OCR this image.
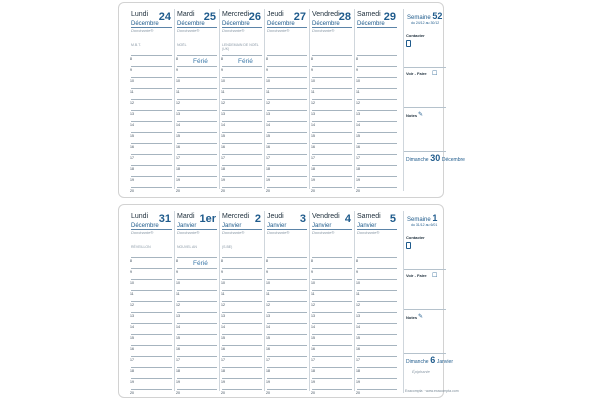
Lundi 24
Décembre
Dominante®
M.B.T.
8
9
10
11
12
13
14
15
16
17
18
19
20
Mardi 25
Décembre
Dominante®
NOËL
Férié
8
9
10
11
12
13
14
15
16
17
18
19
20
Mercredi 26
Décembre
Dominante®
LENDEMAIN DE NOËL (UK)
Férié
8
9
10
11
12
13
14
15
16
17
18
19
20
Jeudi 27
Décembre
Dominante®
8
9
10
11
12
13
14
15
16
17
18
19
20
Vendredi 28
Décembre
Dominante®
8
9
10
11
12
13
14
15
16
17
18
19
20
Samedi 29
Décembre
8
9
10
11
12
13
14
15
16
17
18
19
20
Semaine 52
du 24/12 au 30/12
Contacter
Voir - Faire ☐
Notes ✎
Dimanche 30 Décembre
Lundi 31
Décembre
Dominante®
RÉVEILLON
8
9
10
11
12
13
14
15
16
17
18
19
20
Mardi 1er
Janvier
Dominante®
NOUVEL AN
Férié
8
9
10
11
12
13
14
15
16
17
18
19
20
Mercredi 2
Janvier
Dominante®
(S.BE)
8
9
10
11
12
13
14
15
16
17
18
19
20
Jeudi 3
Janvier
Dominante®
8
9
10
11
12
13
14
15
16
17
18
19
20
Vendredi 4
Janvier
Dominante®
8
9
10
11
12
13
14
15
16
17
18
19
20
Samedi 5
Janvier
Dominante®
8
9
10
11
12
13
14
15
16
17
18
19
20
Semaine 1
du 31/12 au 6/01
Contacter
Voir - Faire ☐
Notes ✎
Dimanche 6 Janvier
Épiphanie
Exacompta · www.exacompta.com
